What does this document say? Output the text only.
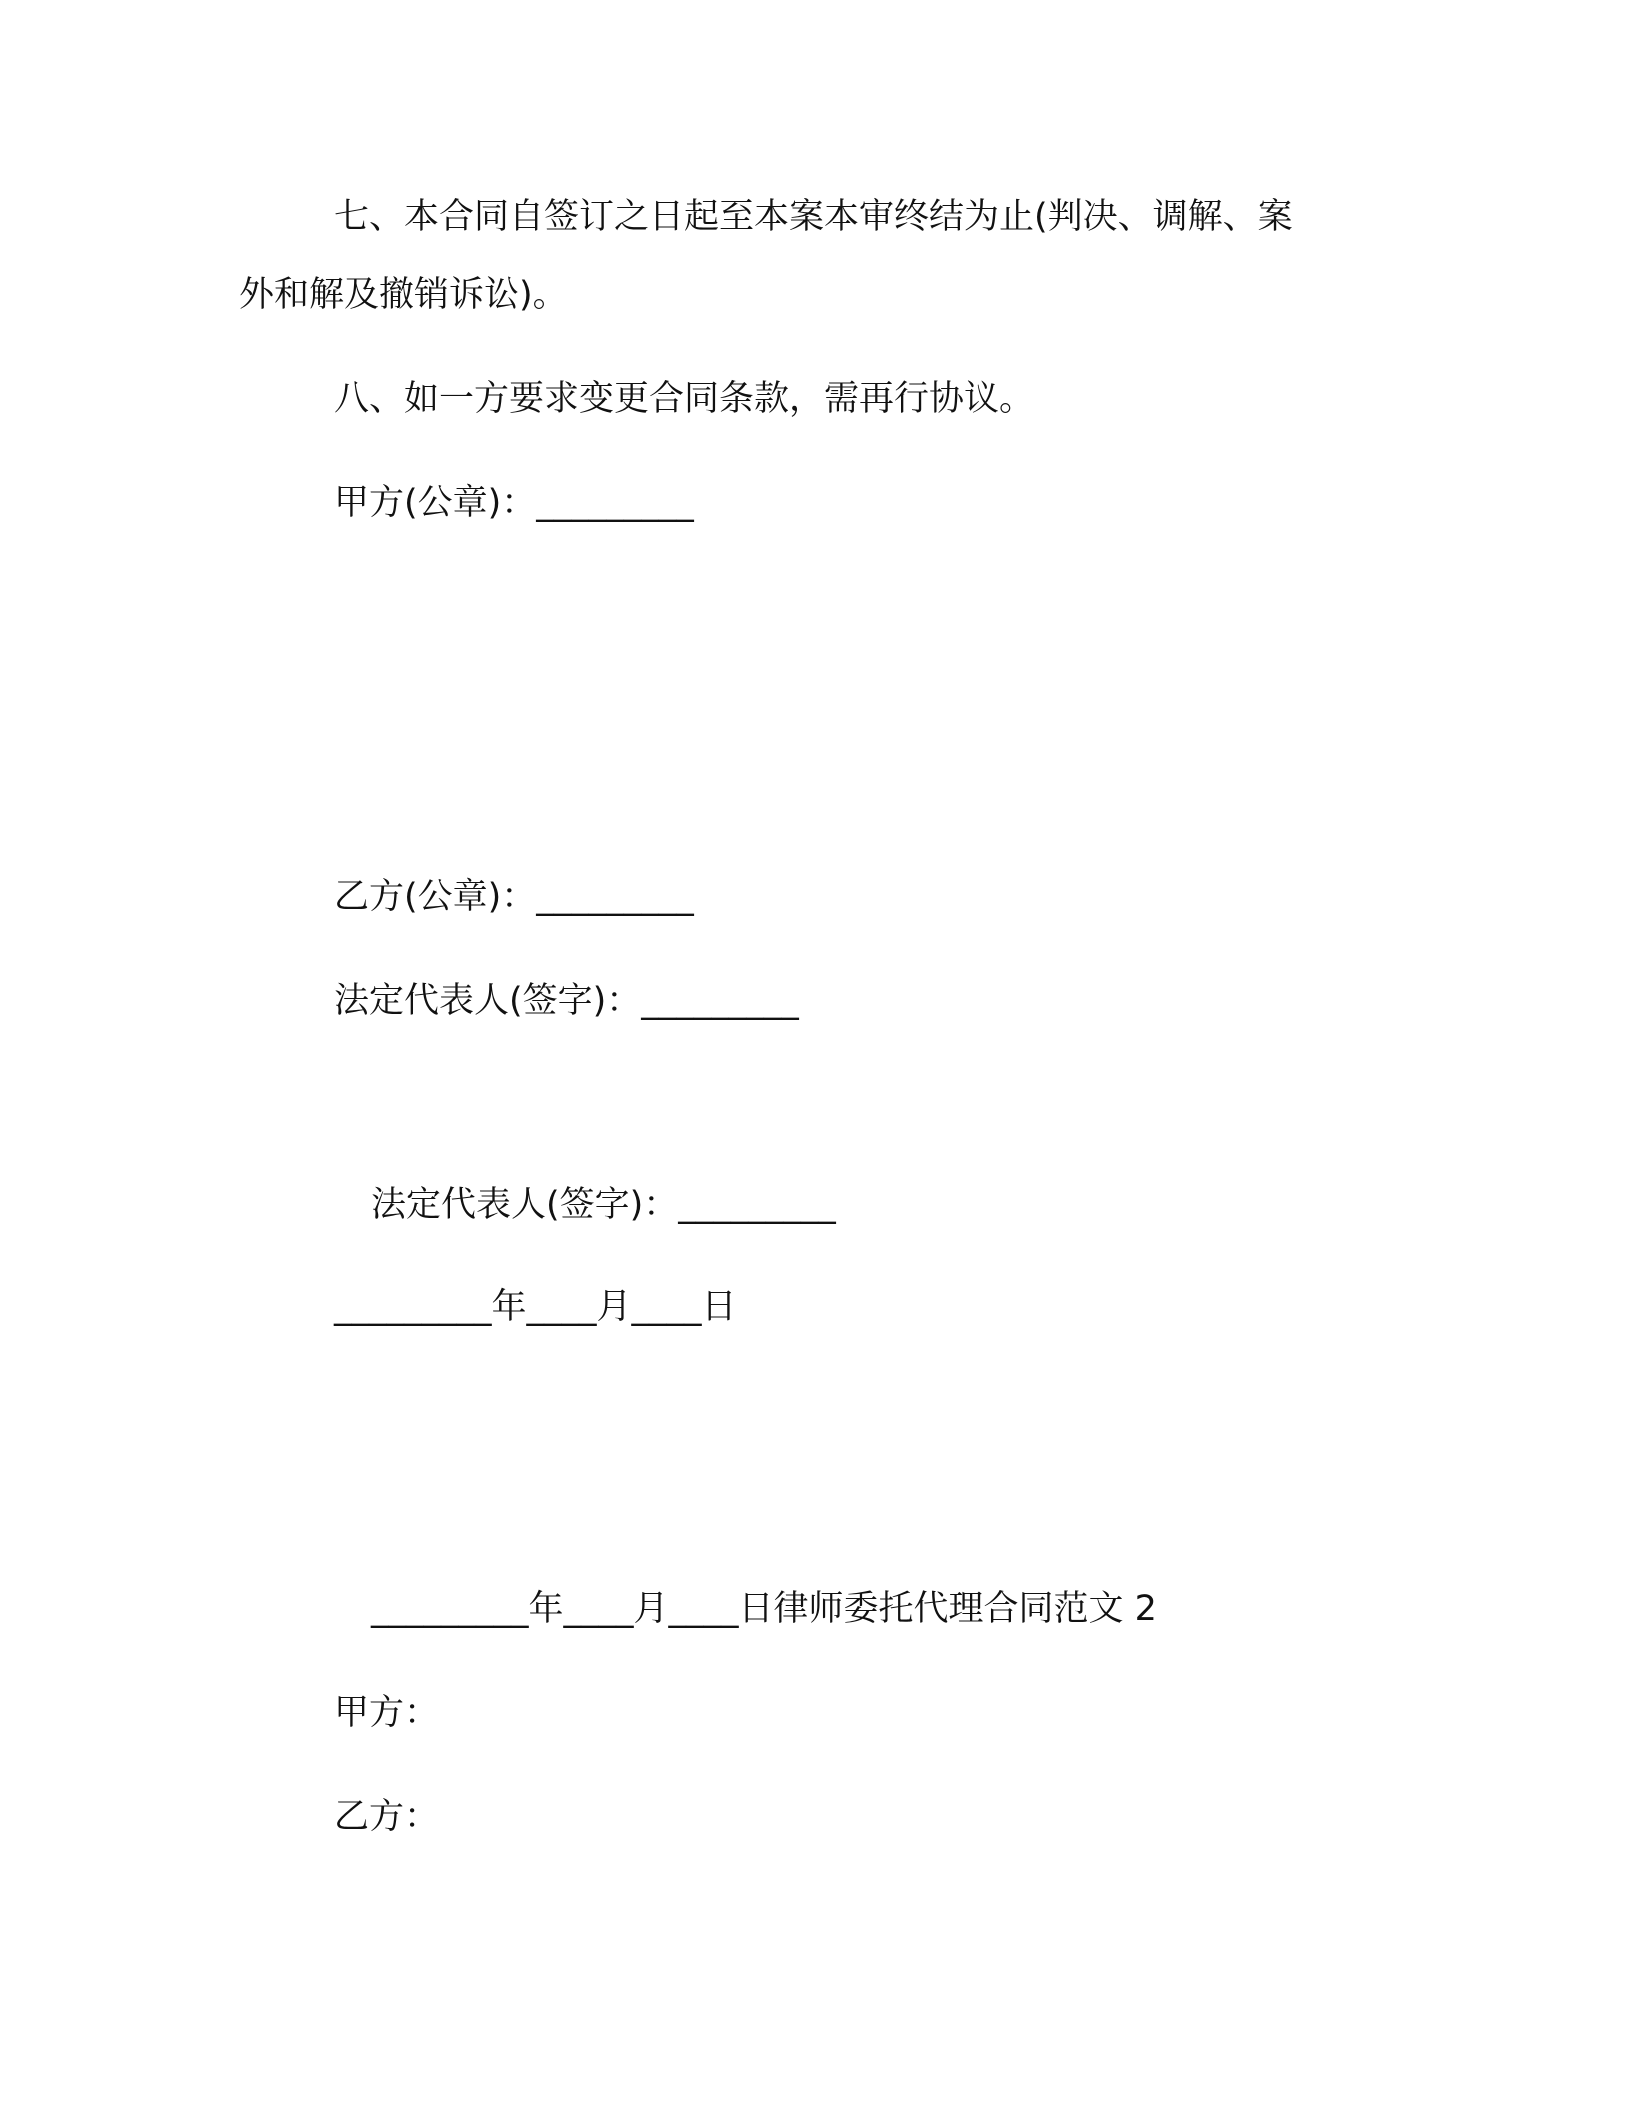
七、本合同自签订之日起至本案本审终结为止(判决、调解、案
外和解及撤销诉讼)。
八、如一方要求变更合同条款，需再行协议。
甲方(公章)：_________
乙方(公章)：_________
法定代表人(签字)：_________
法定代表人(签字)：_________
_________年____月____日
_________年____月____日律师委托代理合同范文 2
甲方：
乙方：
